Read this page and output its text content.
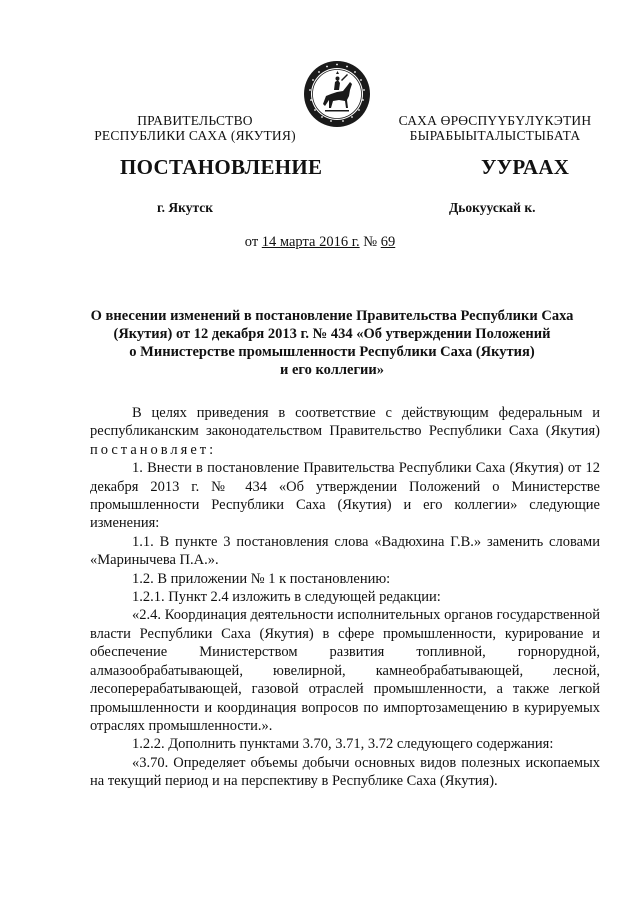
ПРАВИТЕЛЬСТВО
РЕСПУБЛИКИ САХА (ЯКУТИЯ)
САХА ӨРӨСПҮҮБҮЛҮКЭТИН
БЫРАБЫЫТАЛЫСТЫБАТА
ПОСТАНОВЛЕНИЕ	УУРААХ
г. Якутск	Дьокуускай к.
от 14 марта 2016 г. № 69
О внесении изменений в постановление Правительства Республики Саха
(Якутия) от 12 декабря 2013 г. № 434 «Об утверждении Положений
о Министерстве промышленности Республики Саха (Якутия)
и его коллегии»

В целях приведения в соответствие с действующим федеральным и республиканским законодательством Правительство Республики Саха (Якутия) постановляет:

1. Внести в постановление Правительства Республики Саха (Якутия) от 12 декабря 2013 г. № 434 «Об утверждении Положений о Министерстве промышленности Республики Саха (Якутия) и его коллегии» следующие изменения:

1.1. В пункте 3 постановления слова «Вадюхина Г.В.» заменить словами «Маринычева П.А.».

1.2. В приложении № 1 к постановлению:

1.2.1. Пункт 2.4 изложить в следующей редакции:

«2.4. Координация деятельности исполнительных органов государственной власти Республики Саха (Якутия) в сфере промышленности, курирование и обеспечение Министерством развития топливной, горнорудной, алмазообрабатывающей, ювелирной, камнеобрабатывающей, лесной, лесоперерабатывающей, газовой отраслей промышленности, а также легкой промышленности и координация вопросов по импортозамещению в курируемых отраслях промышленности.».

1.2.2. Дополнить пунктами 3.70, 3.71, 3.72 следующего содержания:

«3.70. Определяет объемы добычи основных видов полезных ископаемых на текущий период и на перспективу в Республике Саха (Якутия).
